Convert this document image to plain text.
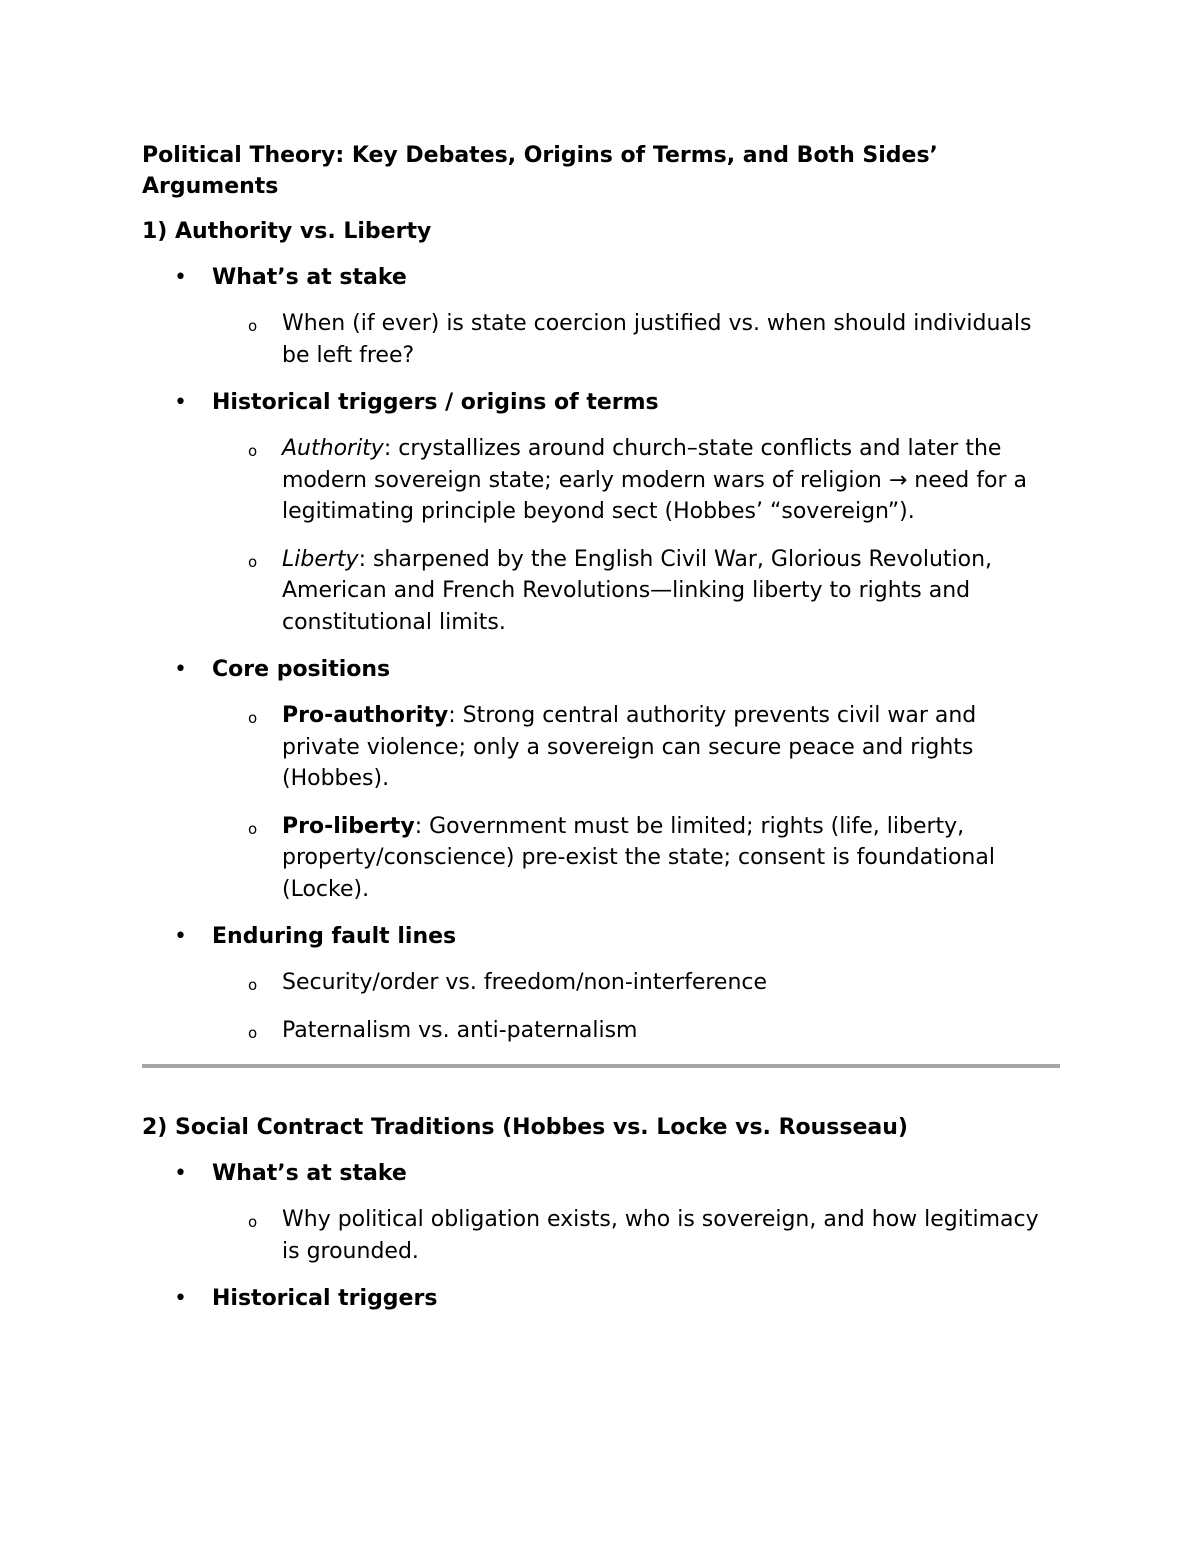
Political Theory: Key Debates, Origins of Terms, and Both Sides’ Arguments
1) Authority vs. Liberty
• What’s at stake
o When (if ever) is state coercion justified vs. when should individuals be left free?
• Historical triggers / origins of terms
o Authority: crystallizes around church–state conflicts and later the modern sovereign state; early modern wars of religion → need for a legitimating principle beyond sect (Hobbes’ “sovereign”).
o Liberty: sharpened by the English Civil War, Glorious Revolution, American and French Revolutions—linking liberty to rights and constitutional limits.
• Core positions
o Pro-authority: Strong central authority prevents civil war and private violence; only a sovereign can secure peace and rights (Hobbes).
o Pro-liberty: Government must be limited; rights (life, liberty, property/conscience) pre-exist the state; consent is foundational (Locke).
• Enduring fault lines
o Security/order vs. freedom/non-interference
o Paternalism vs. anti-paternalism
2) Social Contract Traditions (Hobbes vs. Locke vs. Rousseau)
• What’s at stake
o Why political obligation exists, who is sovereign, and how legitimacy is grounded.
• Historical triggers
